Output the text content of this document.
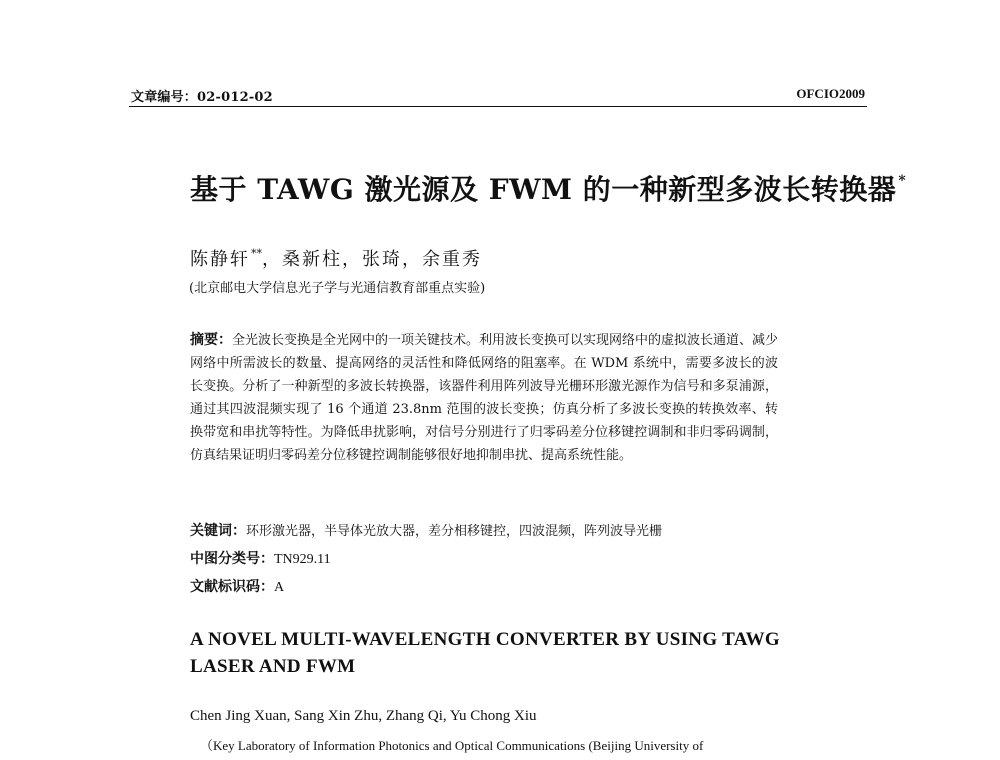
文章编号：02-012-02	OFCIO2009
基于 TAWG 激光源及 FWM 的一种新型多波长转换器 *
陈静轩**，桑新柱，张琦，余重秀
(北京邮电大学信息光子学与光通信教育部重点实验)

摘要：全光波长变换是全光网中的一项关键技术。利用波长变换可以实现网络中的虚拟波长通道、减少网络中所需波长的数量、提高网络的灵活性和降低网络的阻塞率。在 WDM 系统中，需要多波长的波长变换。分析了一种新型的多波长转换器，该器件利用阵列波导光栅环形激光源作为信号和多泵浦源，通过其四波混频实现了 16 个通道 23.8nm 范围的波长变换；仿真分析了多波长变换的转换效率、转换带宽和串扰等特性。为降低串扰影响，对信号分别进行了归零码差分位移键控调制和非归零码调制，仿真结果证明归零码差分位移键控调制能够很好地抑制串扰、提高系统性能。

关键词：环形激光器，半导体光放大器，差分相移键控，四波混频，阵列波导光栅
中图分类号：TN929.11
文献标识码：A
A NOVEL MULTI-WAVELENGTH CONVERTER BY USING TAWG LASER AND FWM
Chen Jing Xuan, Sang Xin Zhu, Zhang Qi, Yu Chong Xiu
（Key Laboratory of Information Photonics and Optical Communications (Beijing University of
